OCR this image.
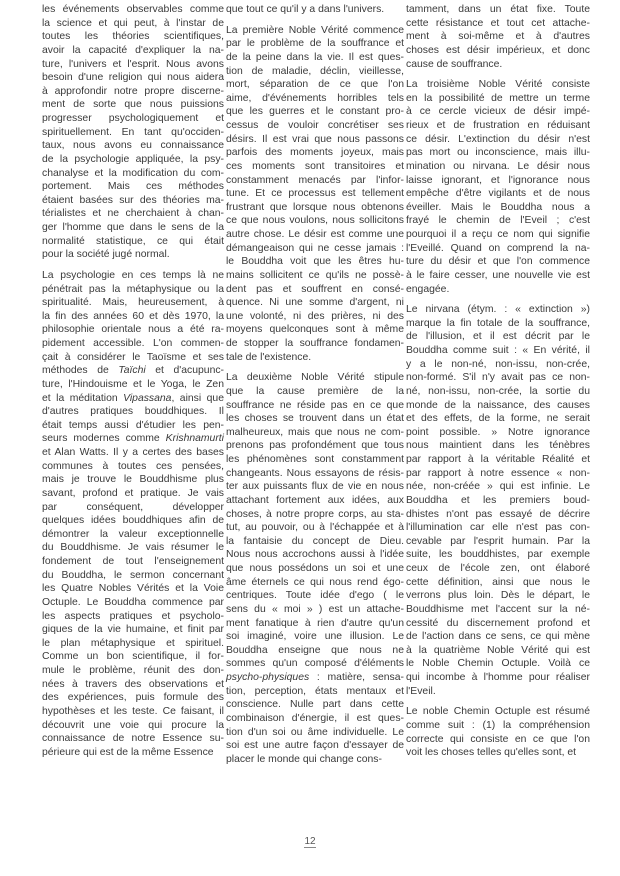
les événements observables comme
la science et qui peut, à l'instar de
toutes les théories scientifiques,
avoir la capacité d'expliquer la na-
ture, l'univers et l'esprit. Nous avons
besoin d'une religion qui nous aidera
à approfondir notre propre discerne-
ment de sorte que nous puissions
progresser psychologiquement et
spirituellement. En tant qu'occiden-
taux, nous avons eu connaissance
de la psychologie appliquée, la psy-
chanalyse et la modification du com-
portement. Mais ces méthodes
étaient basées sur des théories ma-
térialistes et ne cherchaient à chan-
ger l'homme que dans le sens de la
normalité statistique, ce qui était
pour la société jugé normal.

La psychologie en ces temps là ne
pénétrait pas la métaphysique ou la
spiritualité. Mais, heureusement, à
la fin des années 60 et dès 1970, la
philosophie orientale nous a été ra-
pidement accessible. L'on commen-
çait à considérer le Taoïsme et ses
méthodes de Taïchi et d'acupunc-
ture, l'Hindouisme et le Yoga, le Zen
et la méditation Vipassana, ainsi que
d'autres pratiques bouddhiques. Il
était temps aussi d'étudier les pen-
seurs modernes comme Krishnamurti
et Alan Watts. Il y a certes des bases
communes à toutes ces pensées,
mais je trouve le Bouddhisme plus
savant, profond et pratique. Je vais
par conséquent, développer
quelques idées bouddhiques afin de
démontrer la valeur exceptionnelle
du Bouddhisme. Je vais résumer le
fondement de tout l'enseignement
du Bouddha, le sermon concernant
les Quatre Nobles Vérités et la Voie
Octuple. Le Bouddha commence par
les aspects pratiques et psycholo-
giques de la vie humaine, et finit par
le plan métaphysique et spirituel.
Comme un bon scientifique, il for-
mule le problème, réunit des don-
nées à travers des observations et
des expériences, puis formule des
hypothèses et les teste. Ce faisant, il
découvrit une voie qui procure la
connaissance de notre Essence su-
périeure qui est de la même Essence

que tout ce qu'il y a dans l'univers.

La première Noble Vérité commence
par le problème de la souffrance et
de la peine dans la vie. Il est ques-
tion de maladie, déclin, vieillesse,
mort, séparation de ce que l'on
aime, d'événements horribles tels
que les guerres et le constant pro-
cessus de vouloir concrétiser ses
désirs. Il est vrai que nous passons
parfois des moments joyeux, mais
ces moments sont transitoires et
constamment menacés par l'infor-
tune. Et ce processus est tellement
frustrant que lorsque nous obtenons
ce que nous voulons, nous sollicitons
autre chose. Le désir est comme une
démangeaison qui ne cesse jamais :
le Bouddha voit que les êtres hu-
mains sollicitent ce qu'ils ne possè-
dent pas et souffrent en consé-
quence. Ni une somme d'argent, ni
une volonté, ni des prières, ni des
moyens quelconques sont à même
de stopper la souffrance fondamen-
tale de l'existence.

La deuxième Noble Vérité stipule
que la cause première de la
souffrance ne réside pas en ce que
les choses se trouvent dans un état
malheureux, mais que nous ne com-
prenons pas profondément que tous
les phénomènes sont constamment
changeants. Nous essayons de résis-
ter aux puissants flux de vie en nous
attachant fortement aux idées, aux
choses, à notre propre corps, au sta-
tut, au pouvoir, ou à l'échappée et à
la fantaisie du concept de Dieu.
Nous nous accrochons aussi à l'idée
que nous possédons un soi et une
âme éternels ce qui nous rend égo-
centriques. Toute idée d'ego ( le
sens du « moi » ) est un attache-
ment fanatique à rien d'autre qu'un
soi imaginé, voire une illusion. Le
Bouddha enseigne que nous ne
sommes qu'un composé d'éléments
psycho-physiques : matière, sensa-
tion, perception, états mentaux et
conscience. Nulle part dans cette
combinaison d'énergie, il est ques-
tion d'un soi ou âme individuelle. Le
soi est une autre façon d'essayer de
placer le monde qui change cons-

tamment, dans un état fixe. Toute
cette résistance et tout cet attache-
ment à soi-même et à d'autres
choses est désir impérieux, et donc
cause de souffrance.

La troisième Noble Vérité consiste
en la possibilité de mettre un terme
à ce cercle vicieux de désir impé-
rieux et de frustration en réduisant
ce désir. L'extinction du désir n'est
pas mort ou inconscience, mais illu-
mination ou nirvana. Le désir nous
laisse ignorant, et l'ignorance nous
empêche d'être vigilants et de nous
éveiller. Mais le Bouddha nous a
frayé le chemin de l'Eveil ; c'est
pourquoi il a reçu ce nom qui signifie
l'Eveillé. Quand on comprend la na-
ture du désir et que l'on commence
à le faire cesser, une nouvelle vie est
engagée.

Le nirvana (étym. : « extinction »)
marque la fin totale de la souffrance,
de l'illusion, et il est décrit par le
Bouddha comme suit : « En vérité, il
y a le non-né, non-issu, non-crée,
non-formé. S'il n'y avait pas ce non-
né, non-issu, non-crée, la sortie du
monde de la naissance, des causes
et des effets, de la forme, ne serait
point possible. » Notre ignorance
nous maintient dans les ténèbres
par rapport à la véritable Réalité et
par rapport à notre essence « non-
née, non-créée » qui est infinie. Le
Bouddha et les premiers boud-
dhistes n'ont pas essayé de décrire
l'illumination car elle n'est pas con-
cevable par l'esprit humain. Par la
suite, les bouddhistes, par exemple
ceux de l'école zen, ont élaboré
cette définition, ainsi que nous le
verrons plus loin. Dès le départ, le
Bouddhisme met l'accent sur la né-
cessité du discernement profond et
de l'action dans ce sens, ce qui mène
à la quatrième Noble Vérité qui est
le Noble Chemin Octuple. Voilà ce
qui incombe à l'homme pour réaliser
l'Eveil.

Le noble Chemin Octuple est résumé
comme suit : (1) la compréhension
correcte qui consiste en ce que l'on
voit les choses telles qu'elles sont, et

12
